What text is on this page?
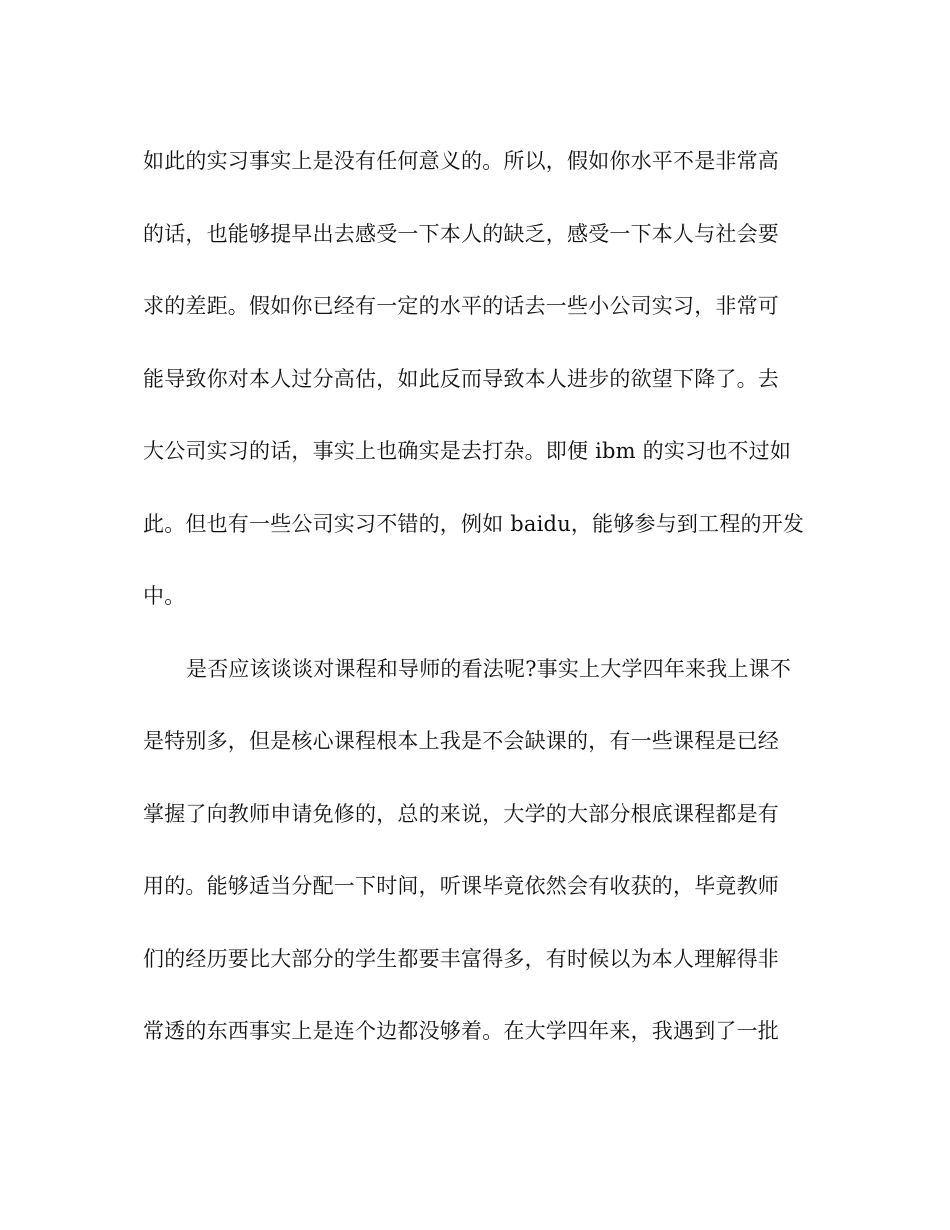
如此的实习事实上是没有任何意义的。所以，假如你水平不是非常高
的话，也能够提早出去感受一下本人的缺乏，感受一下本人与社会要
求的差距。假如你已经有一定的水平的话去一些小公司实习，非常可
能导致你对本人过分高估，如此反而导致本人进步的欲望下降了。去
大公司实习的话，事实上也确实是去打杂。即便 ibm 的实习也不过如
此。但也有一些公司实习不错的，例如 baidu，能够参与到工程的开发
中。
是否应该谈谈对课程和导师的看法呢?事实上大学四年来我上课不
是特别多，但是核心课程根本上我是不会缺课的，有一些课程是已经
掌握了向教师申请免修的，总的来说，大学的大部分根底课程都是有
用的。能够适当分配一下时间，听课毕竟依然会有收获的，毕竟教师
们的经历要比大部分的学生都要丰富得多，有时候以为本人理解得非
常透的东西事实上是连个边都没够着。在大学四年来，我遇到了一批
